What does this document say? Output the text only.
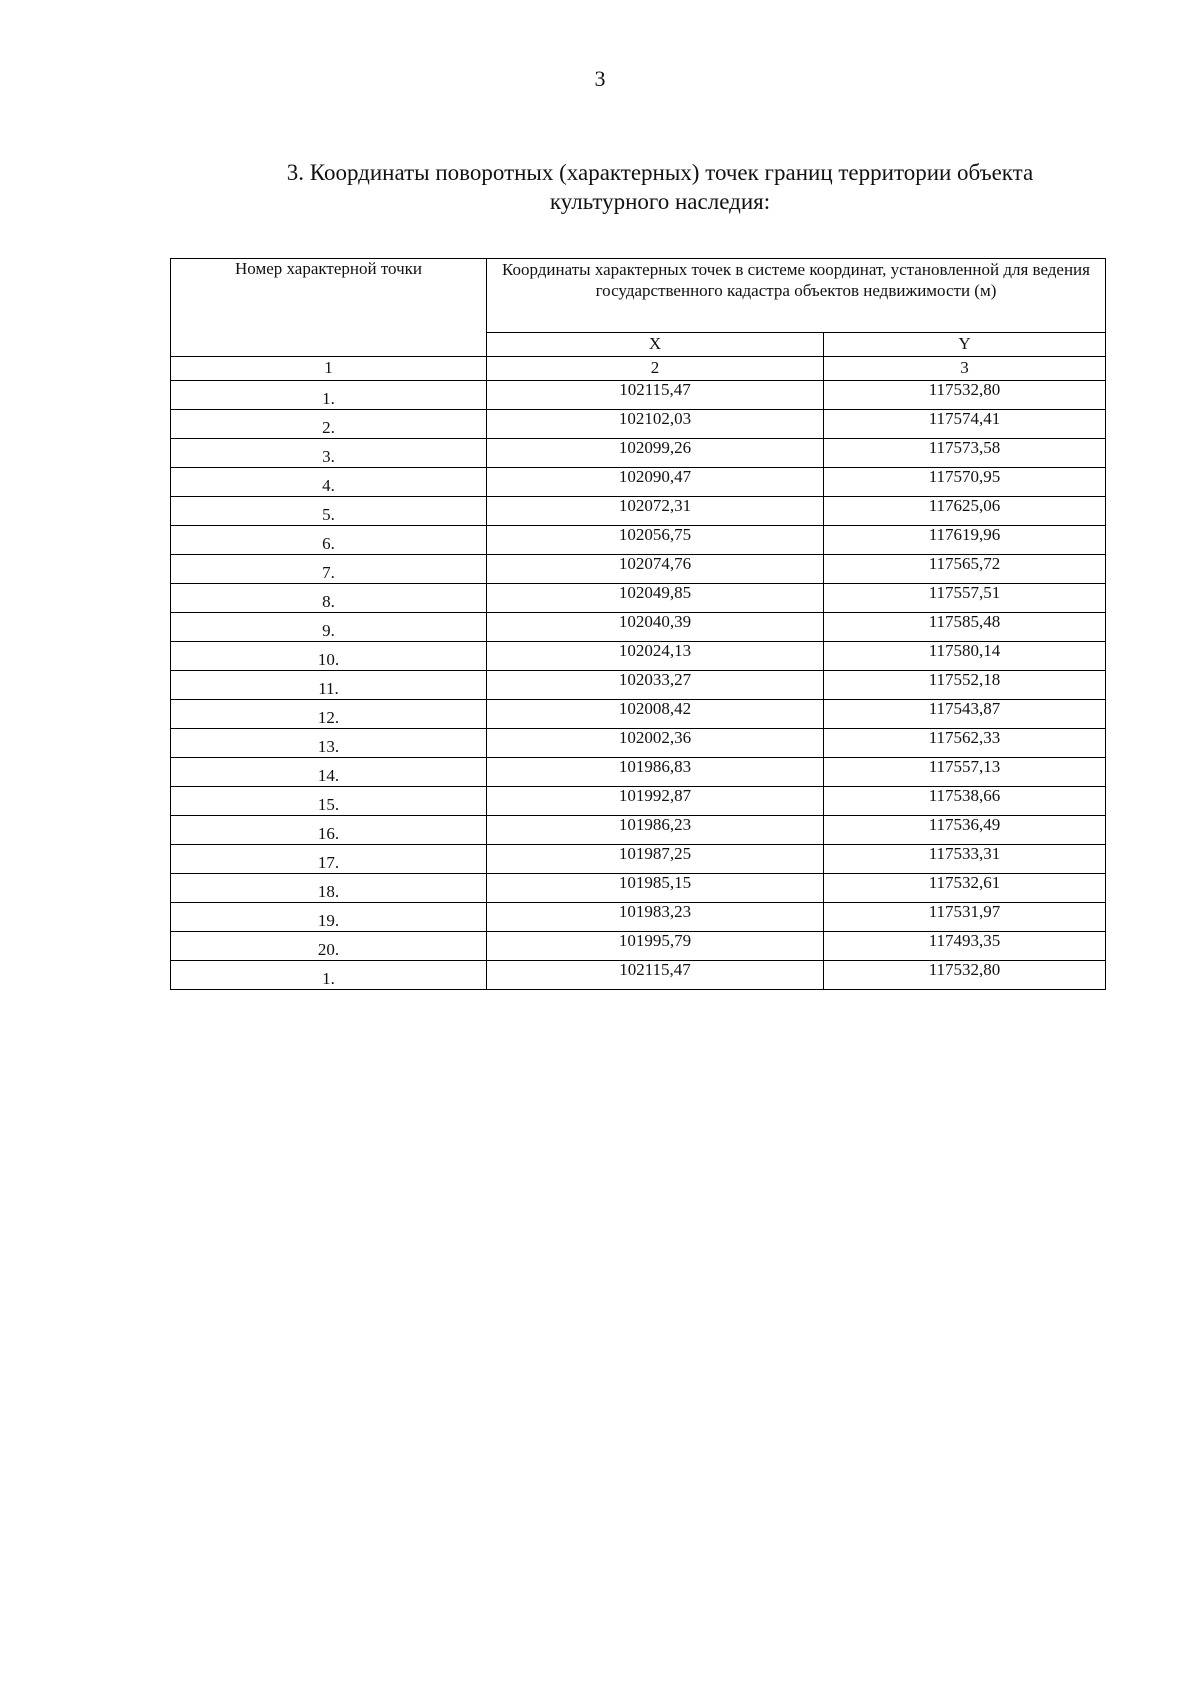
3
3. Координаты поворотных (характерных) точек границ территории объекта
культурного наследия:
Номер характерной точки	Координаты характерных точек в системе координат, установленной для ведения государственного кадастра объектов недвижимости (м)	
	X	Y
1	2	3
1.	102115,47	117532,80
2.	102102,03	117574,41
3.	102099,26	117573,58
4.	102090,47	117570,95
5.	102072,31	117625,06
6.	102056,75	117619,96
7.	102074,76	117565,72
8.	102049,85	117557,51
9.	102040,39	117585,48
10.	102024,13	117580,14
11.	102033,27	117552,18
12.	102008,42	117543,87
13.	102002,36	117562,33
14.	101986,83	117557,13
15.	101992,87	117538,66
16.	101986,23	117536,49
17.	101987,25	117533,31
18.	101985,15	117532,61
19.	101983,23	117531,97
20.	101995,79	117493,35
1.	102115,47	117532,80
